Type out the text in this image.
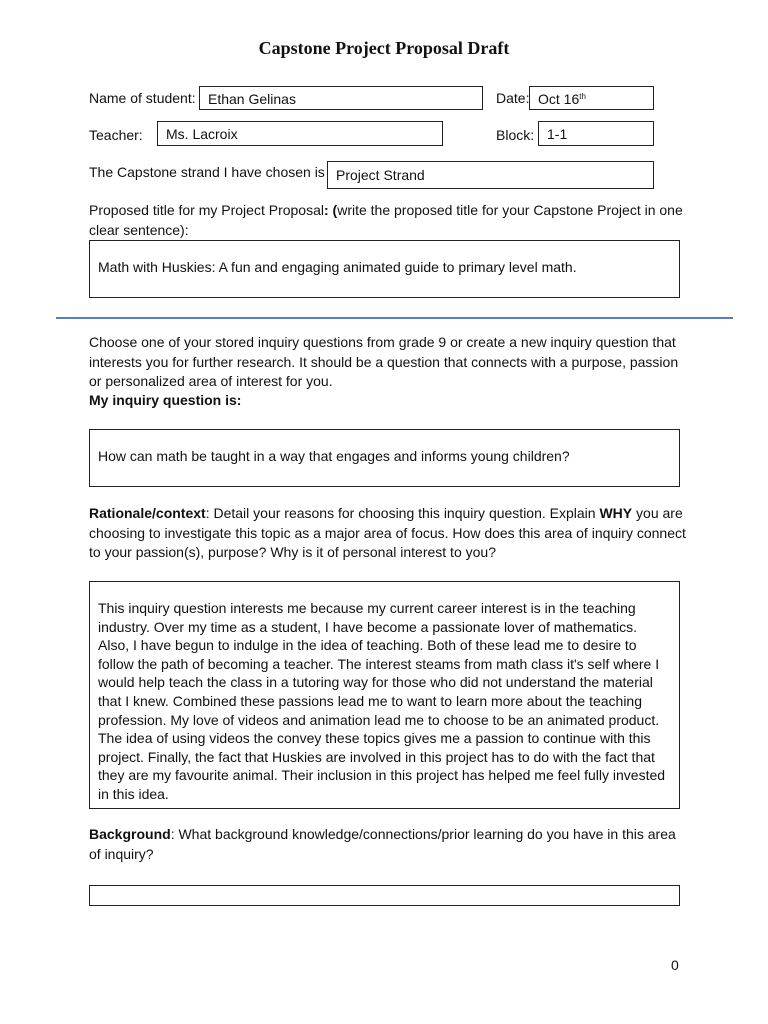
Capstone Project Proposal Draft
Name of student: Ethan Gelinas	Date: Oct 16th
Teacher:	Ms. Lacroix	Block: 1-1
The Capstone strand I have chosen is Project Strand
Proposed title for my Project Proposal: (write the proposed title for your Capstone Project in one clear sentence):
Math with Huskies: A fun and engaging animated guide to primary level math.
Choose one of your stored inquiry questions from grade 9 or create a new inquiry question that interests you for further research. It should be a question that connects with a purpose, passion or personalized area of interest for you.
My inquiry question is:
How can math be taught in a way that engages and informs young children?
Rationale/context: Detail your reasons for choosing this inquiry question. Explain WHY you are choosing to investigate this topic as a major area of focus. How does this area of inquiry connect to your passion(s), purpose? Why is it of personal interest to you?
This inquiry question interests me because my current career interest is in the teaching industry. Over my time as a student, I have become a passionate lover of mathematics. Also, I have begun to indulge in the idea of teaching. Both of these lead me to desire to follow the path of becoming a teacher. The interest steams from math class it's self where I would help teach the class in a tutoring way for those who did not understand the material that I knew. Combined these passions lead me to want to learn more about the teaching profession. My love of videos and animation lead me to choose to be an animated product. The idea of using videos the convey these topics gives me a passion to continue with this project. Finally, the fact that Huskies are involved in this project has to do with the fact that they are my favourite animal. Their inclusion in this project has helped me feel fully invested in this idea.
Background: What background knowledge/connections/prior learning do you have in this area of inquiry?
0
